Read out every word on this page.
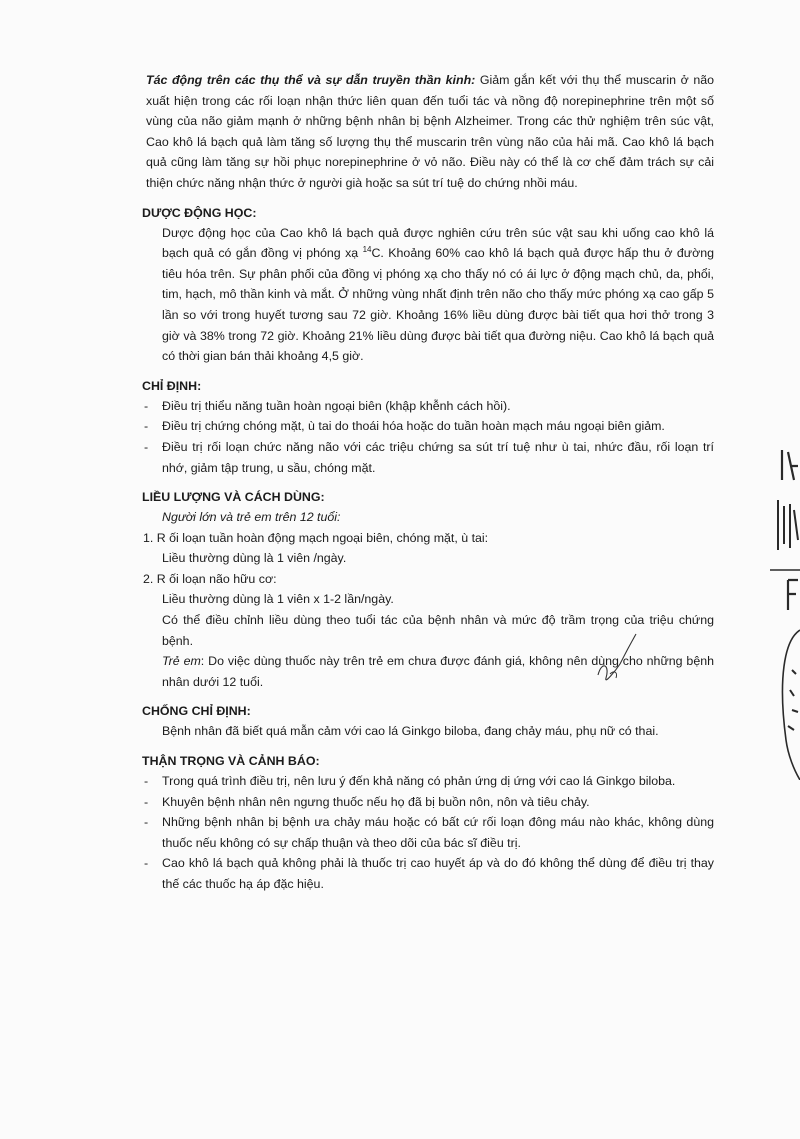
Tác động trên các thụ thể và sự dẫn truyền thần kinh: Giảm gắn kết với thụ thể muscarin ở não xuất hiện trong các rối loạn nhận thức liên quan đến tuổi tác và nồng độ norepinephrine trên một số vùng của não giảm mạnh ở những bệnh nhân bị bệnh Alzheimer. Trong các thử nghiệm trên súc vật, Cao khô lá bạch quả làm tăng số lượng thụ thể muscarin trên vùng não của hải mã. Cao khô lá bạch quả cũng làm tăng sự hồi phục norepinephrine ở vỏ não. Điều này có thể là cơ chế đảm trách sự cải thiện chức năng nhận thức ở người già hoặc sa sút trí tuệ do chứng nhồi máu.

DƯỢC ĐỘNG HỌC:

Dược động học của Cao khô lá bạch quả được nghiên cứu trên súc vật sau khi uống cao khô lá bạch quả có gắn đồng vị phóng xạ $^{14}$C. Khoảng 60% cao khô lá bạch quả được hấp thu ở đường tiêu hóa trên. Sự phân phối của đồng vị phóng xạ cho thấy nó có ái lực ở động mạch chủ, da, phổi, tim, hạch, mô thần kinh và mắt. Ở những vùng nhất định trên não cho thấy mức phóng xạ cao gấp 5 lần so với trong huyết tương sau 72 giờ. Khoảng 16% liều dùng được bài tiết qua hơi thở trong 3 giờ và 38% trong 72 giờ. Khoảng 21% liều dùng được bài tiết qua đường niệu. Cao khô lá bạch quả có thời gian bán thải khoảng 4,5 giờ.

CHỈ ĐỊNH:
- Điều trị thiểu năng tuần hoàn ngoại biên (khập khễnh cách hồi).
- Điều trị chứng chóng mặt, ù tai do thoái hóa hoặc do tuần hoàn mạch máu ngoại biên giảm.
- Điều trị rối loạn chức năng não với các triệu chứng sa sút trí tuệ như ù tai, nhức đầu, rối loạn trí nhớ, giảm tập trung, u sầu, chóng mặt.
LIỀU LƯỢNG VÀ CÁCH DÙNG:
Người lớn và trẻ em trên 12 tuổi:
1. R ối loạn tuần hoàn động mạch ngoại biên, chóng mặt, ù tai:
Liều thường dùng là 1 viên /ngày.
2. R ối loạn não hữu cơ:
Liều thường dùng là 1 viên x 1-2 lần/ngày.
Có thể điều chỉnh liều dùng theo tuổi tác của bệnh nhân và mức độ trầm trọng của triệu chứng bệnh.
Trẻ em: Do việc dùng thuốc này trên trẻ em chưa được đánh giá, không nên dùng cho những bệnh nhân dưới 12 tuổi.
CHỐNG CHỈ ĐỊNH:
Bệnh nhân đã biết quá mẫn cảm với cao lá Ginkgo biloba, đang chảy máu, phụ nữ có thai.
THẬN TRỌNG VÀ CẢNH BÁO:
- Trong quá trình điều trị, nên lưu ý đến khả năng có phản ứng dị ứng với cao lá Ginkgo biloba.
- Khuyên bệnh nhân nên ngưng thuốc nếu họ đã bị buồn nôn, nôn và tiêu chảy.
- Những bệnh nhân bị bệnh ưa chảy máu hoặc có bất cứ rối loạn đông máu nào khác, không dùng thuốc nếu không có sự chấp thuận và theo dõi của bác sĩ điều trị.
- Cao khô lá bạch quả không phải là thuốc trị cao huyết áp và do đó không thể dùng để điều trị thay thế các thuốc hạ áp đặc hiệu.
